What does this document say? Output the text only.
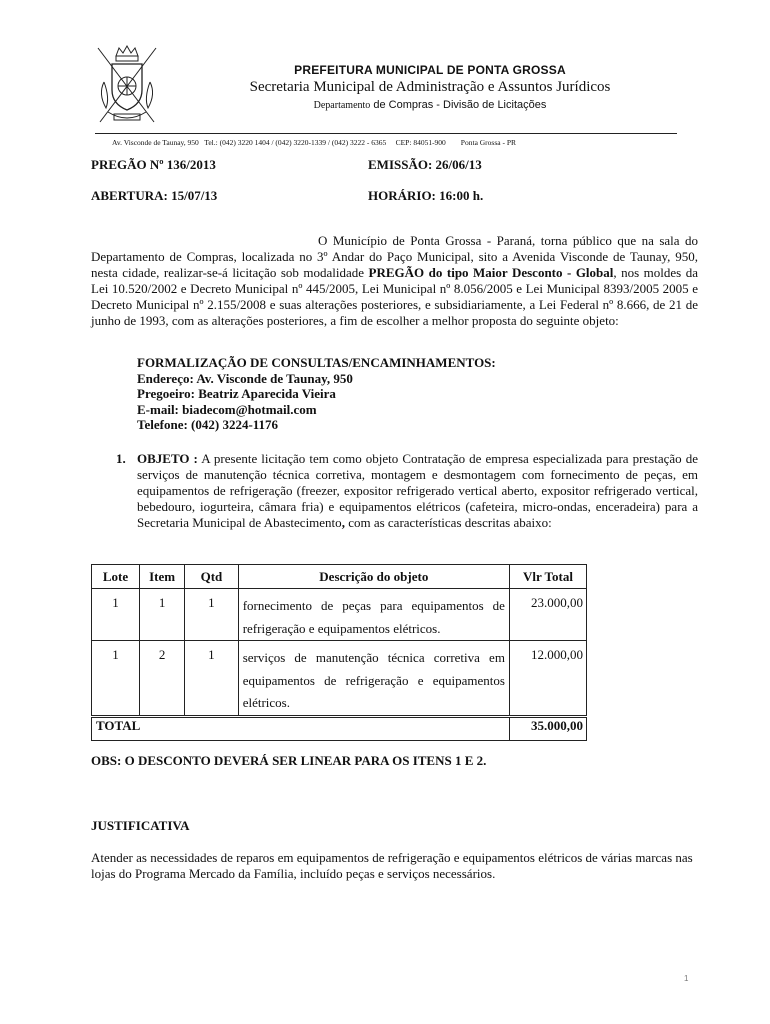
PREFEITURA MUNICIPAL DE PONTA GROSSA
Secretaria Municipal de Administração e Assuntos Jurídicos
Departamento de Compras - Divisão de Licitações
Av. Visconde de Taunay, 950   Tel.: (042) 3220 1404 / (042) 3220-1339 / (042) 3222 - 6365     CEP: 84051-900        Ponta Grossa - PR
PREGÃO Nº 136/2013	EMISSÃO: 26/06/13
ABERTURA: 15/07/13	HORÁRIO: 16:00 h.
O Município de Ponta Grossa - Paraná, torna público que na sala do Departamento de Compras, localizada no 3º Andar do Paço Municipal, sito a Avenida Visconde de Taunay, 950, nesta cidade, realizar-se-á licitação sob modalidade PREGÃO do tipo Maior Desconto - Global, nos moldes da Lei 10.520/2002 e Decreto Municipal nº 445/2005, Lei Municipal nº 8.056/2005 e Lei Municipal 8393/2005 2005 e Decreto Municipal nº 2.155/2008 e suas alterações posteriores, e subsidiariamente, a Lei Federal nº 8.666, de 21 de junho de 1993, com as alterações posteriores, a fim de escolher a melhor proposta do seguinte objeto:
FORMALIZAÇÃO DE CONSULTAS/ENCAMINHAMENTOS:
Endereço: Av. Visconde de Taunay, 950
Pregoeiro: Beatriz Aparecida Vieira
E-mail: biadecom@hotmail.com
Telefone: (042) 3224-1176
1. OBJETO : A presente licitação tem como objeto Contratação de empresa especializada para prestação de serviços de manutenção técnica corretiva, montagem e desmontagem com fornecimento de peças, em equipamentos de refrigeração (freezer, expositor refrigerado vertical aberto, expositor refrigerado vertical, bebedouro, iogurteira, câmara fria) e equipamentos elétricos (cafeteira, micro-ondas, enceradeira) para a Secretaria Municipal de Abastecimento, com as características descritas abaixo:
Lote	Item	Qtd	Descrição do objeto	Vlr Total
1	1	1	fornecimento de peças para equipamentos de refrigeração e equipamentos elétricos.	23.000,00
1	2	1	serviços de manutenção técnica corretiva em equipamentos de refrigeração e equipamentos elétricos.	12.000,00
TOTAL				35.000,00
OBS: O DESCONTO DEVERÁ SER LINEAR PARA OS ITENS 1 E 2.
JUSTIFICATIVA
Atender as necessidades de reparos em equipamentos de refrigeração e equipamentos elétricos de várias marcas nas lojas do Programa Mercado da Família, incluído peças e serviços necessários.
1
